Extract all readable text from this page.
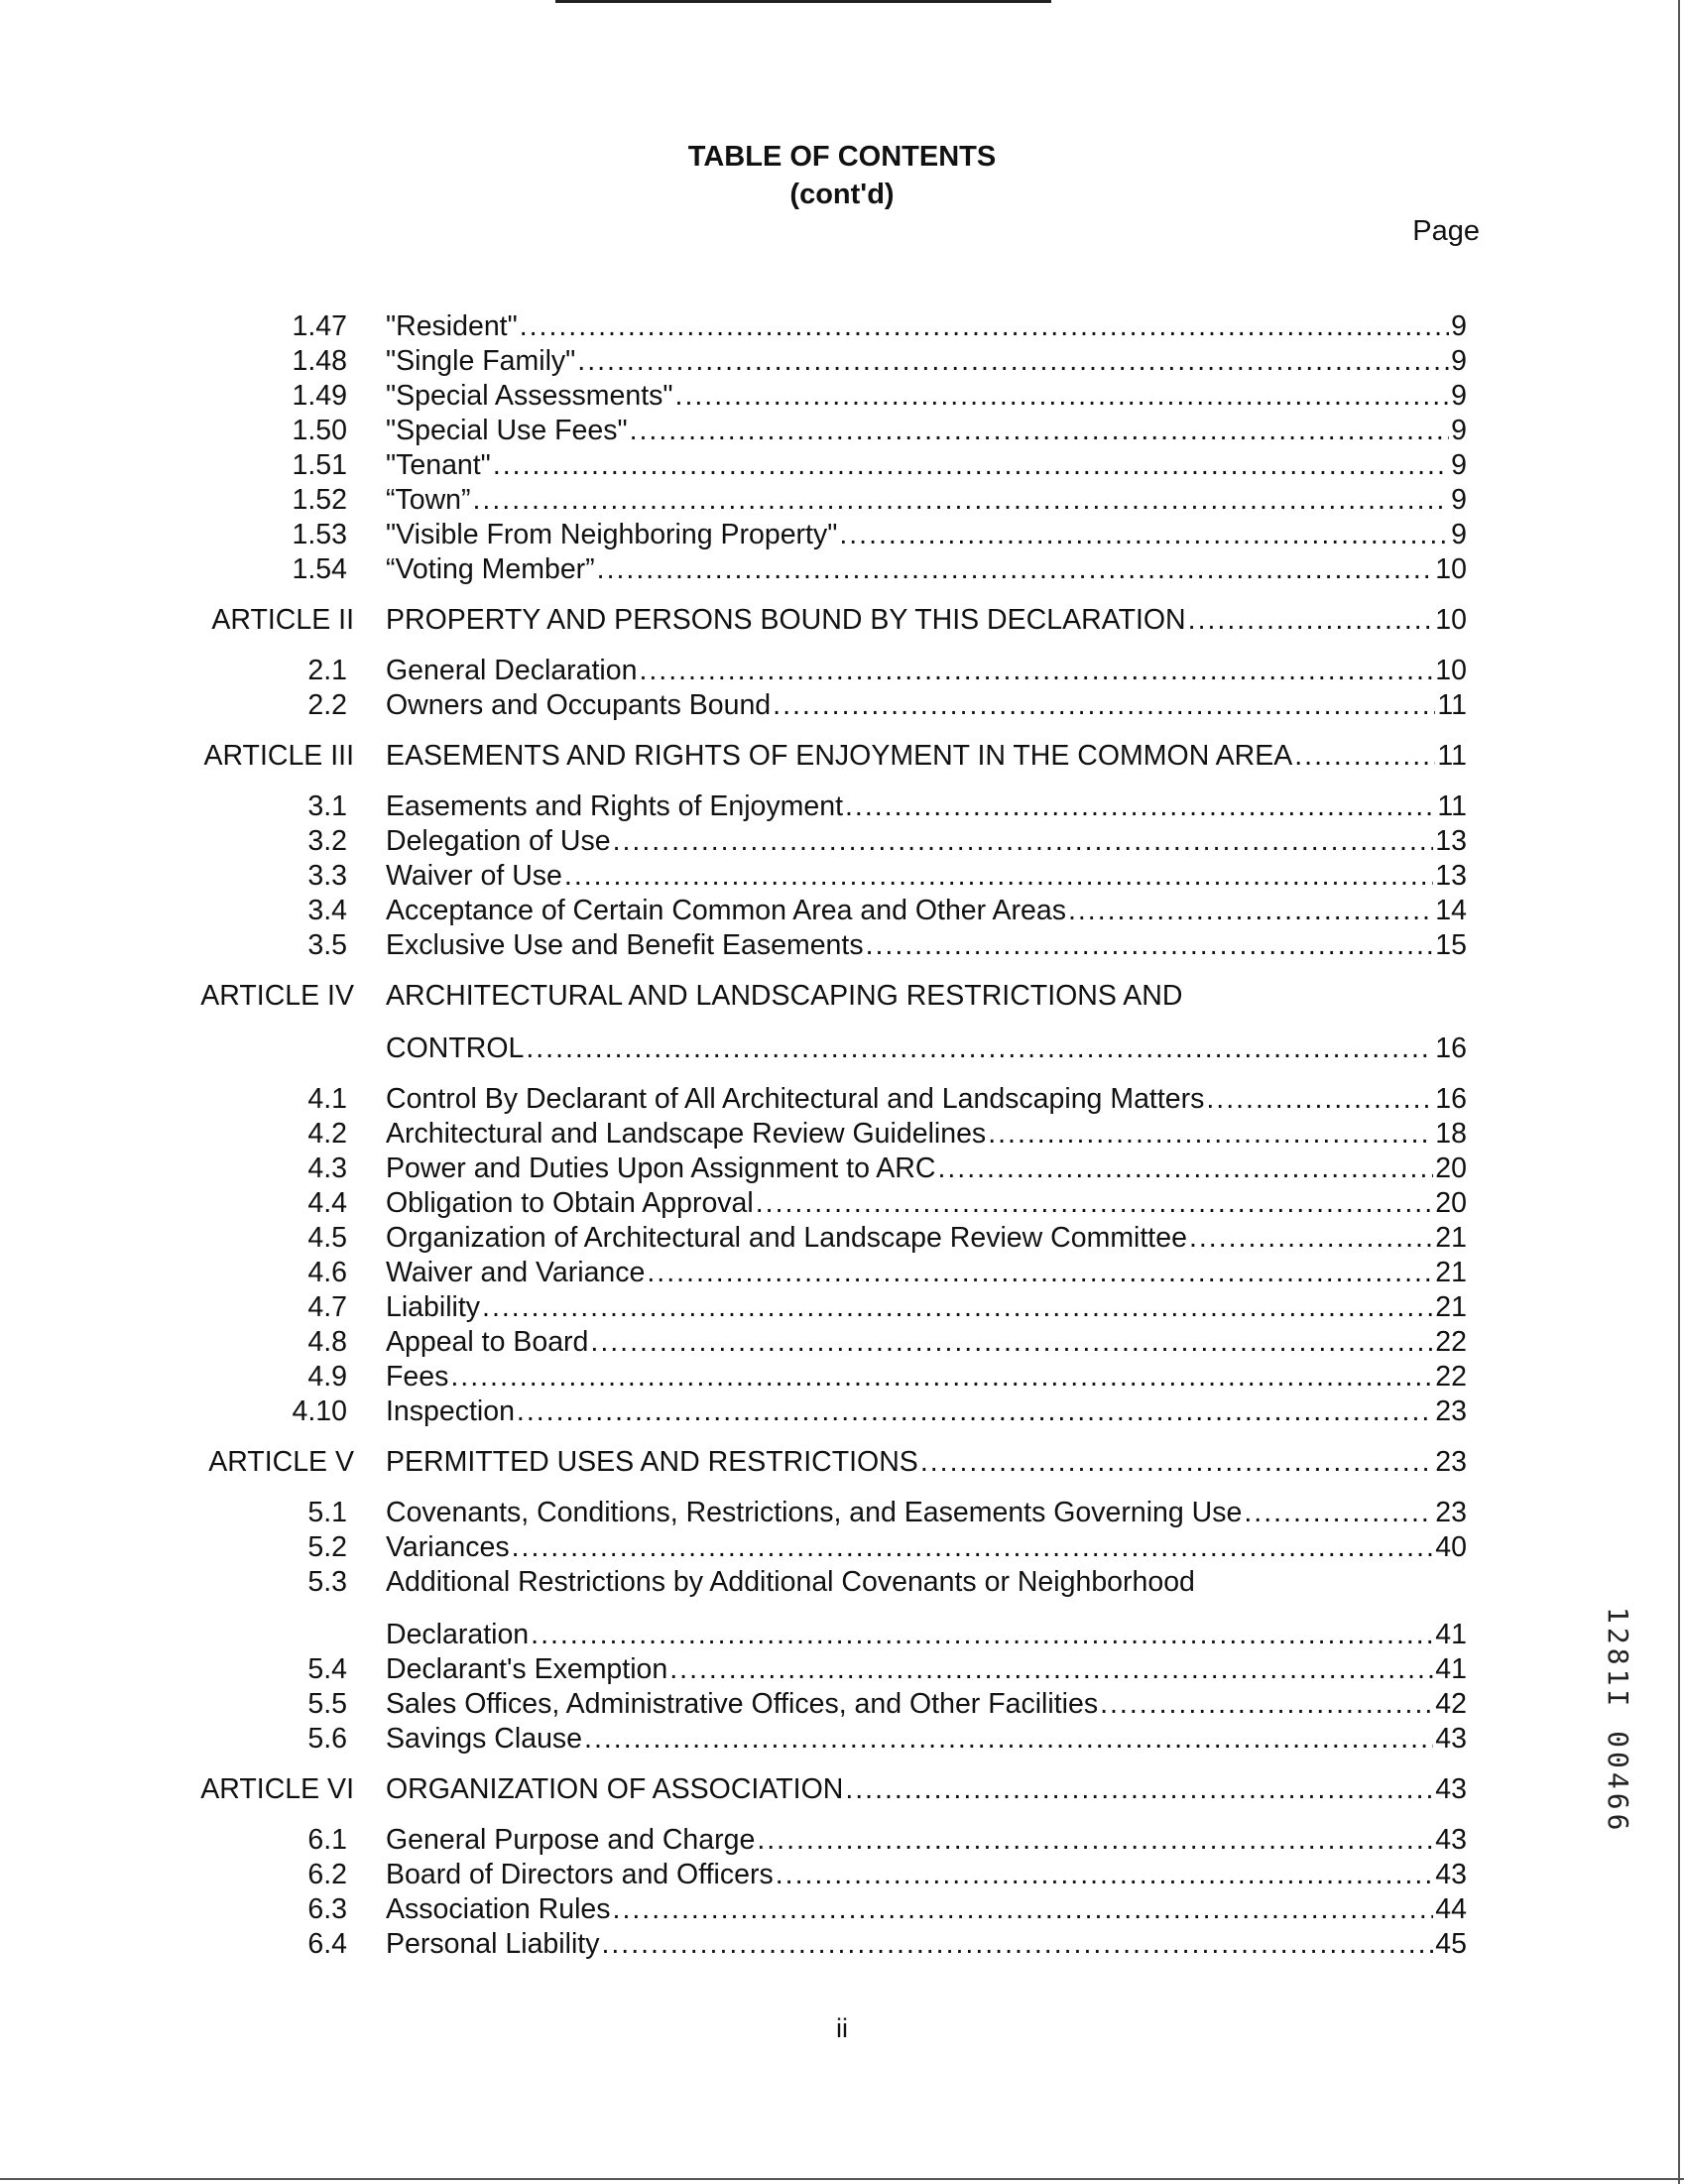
TABLE OF CONTENTS
(cont'd)
Page
1.47 "Resident" .....	9
1.48 "Single Family" .....	9
1.49 "Special Assessments" .....	9
1.50 "Special Use Fees" .....	9
1.51 "Tenant" .....	9
1.52 “Town” .....	9
1.53 "Visible From Neighboring Property" .....	9
1.54 “Voting Member” .....	10
ARTICLE II PROPERTY AND PERSONS BOUND BY THIS DECLARATION .....	10
2.1 General Declaration .....	10
2.2 Owners and Occupants Bound .....	11
ARTICLE III EASEMENTS AND RIGHTS OF ENJOYMENT IN THE COMMON AREA .....	11
3.1 Easements and Rights of Enjoyment .....	11
3.2 Delegation of Use .....	13
3.3 Waiver of Use .....	13
3.4 Acceptance of Certain Common Area and Other Areas .....	14
3.5 Exclusive Use and Benefit Easements .....	15
ARTICLE IV ARCHITECTURAL AND LANDSCAPING RESTRICTIONS AND
CONTROL .....	16
4.1 Control By Declarant of All Architectural and Landscaping Matters .....	16
4.2 Architectural and Landscape Review Guidelines .....	18
4.3 Power and Duties Upon Assignment to ARC .....	20
4.4 Obligation to Obtain Approval .....	20
4.5 Organization of Architectural and Landscape Review Committee .....	21
4.6 Waiver and Variance .....	21
4.7 Liability .....	21
4.8 Appeal to Board .....	22
4.9 Fees .....	22
4.10 Inspection .....	23
ARTICLE V PERMITTED USES AND RESTRICTIONS .....	23
5.1 Covenants, Conditions, Restrictions, and Easements Governing Use .....	23
5.2 Variances .....	40
5.3 Additional Restrictions by Additional Covenants or Neighborhood
Declaration .....	41
5.4 Declarant's Exemption .....	41
5.5 Sales Offices, Administrative Offices, and Other Facilities .....	42
5.6 Savings Clause .....	43
ARTICLE VI ORGANIZATION OF ASSOCIATION .....	43
6.1 General Purpose and Charge .....	43
6.2 Board of Directors and Officers .....	43
6.3 Association Rules .....	44
6.4 Personal Liability .....	45
ii
1281I 00466
